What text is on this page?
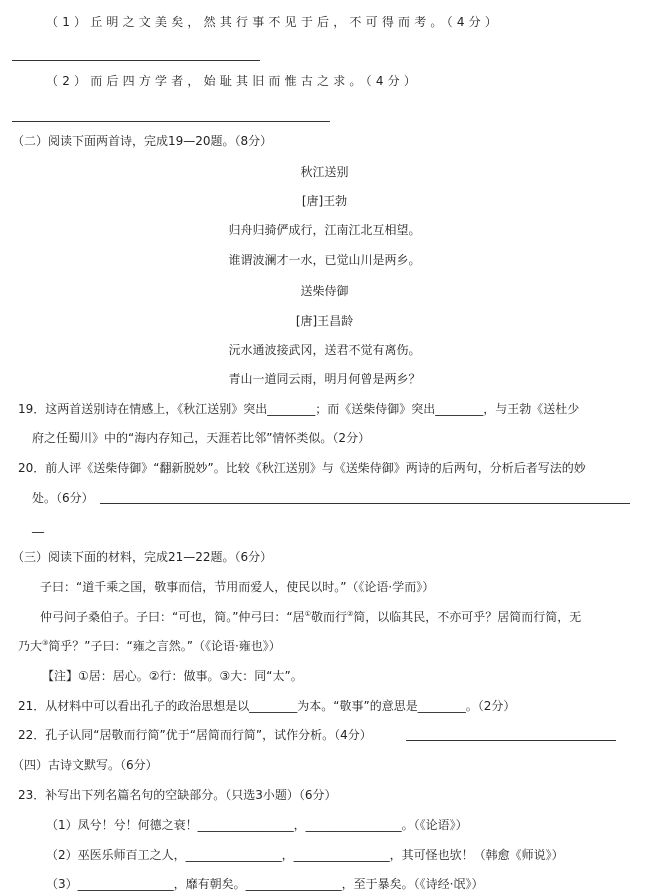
（1）丘明之文美矣，然其行事不见于后，不可得而考。（4分）
（2）而后四方学者，始耻其旧而惟古之求。（4分）
（二）阅读下面两首诗，完成19—20题。（8分）
秋江送别
[唐]王勃
归舟归骑俨成行，江南江北互相望。
谁谓波澜才一水，已觉山川是两乡。
送柴侍御
[唐]王昌龄
沅水通波接武冈，送君不觉有离伤。
青山一道同云雨，明月何曾是两乡？
19．这两首送别诗在情感上，《秋江送别》突出________；而《送柴侍御》突出________，与王勃《送杜少
府之任蜀川》中的“海内存知己，天涯若比邻”情怀类似。（2分）
20．前人评《送柴侍御》“翻新脱妙”。比较《秋江送别》与《送柴侍御》两诗的后两句，分析后者写法的妙
处。（6分）
__
（三）阅读下面的材料，完成21—22题。（6分）
子曰：“道千乘之国，敬事而信，节用而爱人，使民以时。”（《论语·学而》）
仲弓问子桑伯子。子曰：“可也，简。”仲弓曰：“居①敬而行②简，以临其民，不亦可乎？居简而行简，无
乃大③简乎？”子曰：“雍之言然。”（《论语·雍也》）
【注】①居：居心。②行：做事。③大：同“太”。
21．从材料中可以看出孔子的政治思想是以________为本。“敬事”的意思是________。（2分）
22．孔子认同“居敬而行简”优于“居简而行简”，试作分析。（4分）
（四）古诗文默写。（6分）
23．补写出下列名篇名句的空缺部分。（只选3小题）（6分）
（1）凤兮！兮！何德之衰！________________，________________。（《论语》）
（2）巫医乐师百工之人，________________，________________，其可怪也欤！（韩愈《师说》）
（3）________________，靡有朝矣。________________，至于暴矣。（《诗经·氓》）
